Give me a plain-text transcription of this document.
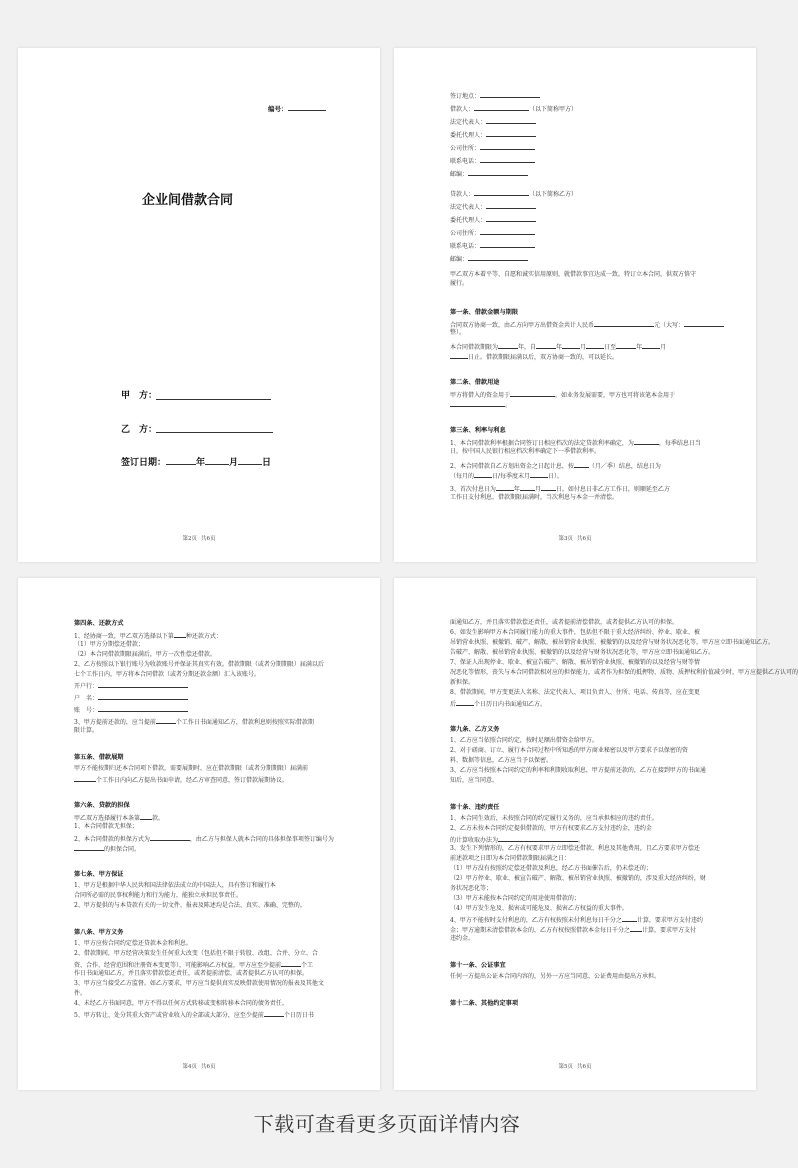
编号：
企业间借款合同
甲　方：
乙　方：
签订日期：	年	月	日
第2页 共6页	第3页 共6页
签订地点：
借款人：	（以下简称甲方）
法定代表人：
委托代理人：
公司住所：
联系电话：
邮编：
贷款人：	（以下简称乙方）
法定代表人：
委托代理人：
公司住所：
联系电话：
邮编：
甲乙双方本着平等、自愿和诚实信用原则，就借款事宜达成一致，特订立本合同，供双方恪守
履行。
第一条、借款金额与期限
合同双方协商一致，由乙方向甲方出借资金共计人民币	元（大写：
整）。
本合同借款期限为	年，自	年	月	日至	年	月
日止。借款期限届满以后，双方协商一致的，可以延长。
第二条、借款用途
甲方将借入的资金用于	，如业务发展需要，甲方也可将该笔本金用于
。
第三条、利率与利息
1、本合同借款利率根据合同签订日相应档次的法定贷款利率确定，为	，每季结息日当
日，按中国人民银行相应档次利率确定下一季借款利率。
2、本合同借款自乙方划出资金之日起计息，按	（月／季）结息，结息日为
（每月的	日/每季度末月	日）。
3、首次付息日为	年	月	日。如付息日非乙方工作日，则顺延至乙方
工作日支付利息。借款期限届满时，当次利息与本金一并清偿。
第4页 共6页
第四条、还款方式
1、经协商一致，甲乙双方选择以下第 种还款方式：
（1）甲方分期偿还借款；
（2）本合同借款期限届满后，甲方一次性偿还借款。
2、乙方按照以下银行账号为收款账号并保证其真实有效。借款期限（或者分期期限）届满以后
七个工作日内，甲方将本合同借款（或者分期还款金额）汇入该账号。
开户行：
户　名：
账　号：
3、甲方提前还款的，应当提前	个工作日书面通知乙方，借款利息则按照实际借款期
限计算。
第五条、借款展期
甲方不能按期归还本合同项下借款，需要展期时，应在借款期限（或者分期期限）届满前
个工作日内向乙方提出书面申请，经乙方审查同意，签订借款展期协议。
第六条、贷款的担保
甲乙双方选择履行本条第 款。
1、本合同借款无担保；
2、本合同借款的担保方式为	，由乙方与担保人就本合同的具体担保事项签订编号为
的担保合同。
第七条、甲方保证
1、甲方是根据中华人民共和国法律依法成立的中国法人，具有签订和履行本
合同所必需的民事权利能力和行为能力，能独立承担民事责任。
2、甲方提供的与本贷款有关的一切文件、报表及陈述均是合法、真实、准确、完整的。
第八条、甲方义务
1、甲方应按合同约定偿还贷款本金和利息。
2、借款期间，甲方经营决策发生任何重大改变（包括但不限于转股、改组、合并、分立、合
资、合作、经营范围和注册资本变更等），可能影响乙方权益，甲方应至少提前	个工
作日书面通知乙方，并且落实借款偿还责任，或者提前清偿，或者提供乙方认可的担保。
3、甲方应当接受乙方监督。如乙方要求，甲方应当提供真实反映借款使用情况的报表及其他文
件。
4、未经乙方书面同意，甲方不得以任何方式转移或变相转移本合同的债务责任。
5、甲方转让、处分其重大资产或营业收入的全部或大部分，应至少提前	个日历日书
第5页 共6页
面通知乙方，并且落实借款偿还责任，或者提前清偿借款，或者提供乙方认可的担保。
6、如发生影响甲方本合同履行能力的重大事件，包括但不限于重大经济纠纷、停业、歇业、被
吊销营业执照、被撤销、破产、解散，被吊销营业执照、被撤销的以及经营与财务状况恶化等，甲方应立即书面通知乙方。
告破产、解散、被吊销营业执照、被撤销的以及经营与财务状况恶化等，甲方应立即书面通知乙方。
7、保证人出现停业、歇业、被宣告破产、解散、被吊销营业执照、被撤销的以及经营与财等情
况恶化等情形，丧失与本合同借款相对应的担保能力，或者作为担保的抵押物、质物、质押权利价值减少时，甲方应提供乙方认可的
新担保。
8、借款期间，甲方变更法人名称、法定代表人、项目负责人、住所、电话、传真等，应在变更
后	个日历日内书面通知乙方。
第九条、乙方义务
1、乙方应当依照合同约定，按时足额出借资金给甲方。
2、对于磋商、订立、履行本合同过程中所知悉的甲方商业秘密以及甲方要求予以保密的资
料、数据等信息，乙方应当予以保密。
3、乙方应当按照本合同约定的利率和利期收取利息，甲方提前还款的，乙方在接到甲方的书面通
知后，应当同意。
第十条、违约责任
1、本合同生效后，未按照合同的约定履行义务的，应当承担相应的违约责任。
2、乙方未按本合同约定提供借款的，甲方有权要求乙方支付违约金，违约金
的计算收取办法为	。
3、发生下列情形的，乙方有权要求甲方立即偿还借款、利息及其他费用，且乙方要求甲方偿还
前述款项之日即为本合同借款期限届满之日：
（1）甲方没有按照约定偿还借款及利息，经乙方书面催告后，仍未偿还的；
（2）甲方停业、歇业、被宣告破产、解散、被吊销营业执照、被撤销的，涉及重大经济纠纷，财
务状况恶化等；
（3）甲方未能按本合同约定的用途使用借款的；
（4）甲方发生危及、损害或可能危及、损害乙方权益的重大事件。
4、甲方不能按时支付利息的，乙方有权按照未付利息每日千分之	计算，要求甲方支付违约
金；甲方逾期未清偿借款本金的，乙方有权按照借款本金每日千分之 计算，要求甲方支付
违约金。
第十一条、公证事宜
任何一方提出公证本合同内容的，另外一方应当同意，公证费用由提出方承担。
第十二条、其他约定事项
下载可查看更多页面详情内容
